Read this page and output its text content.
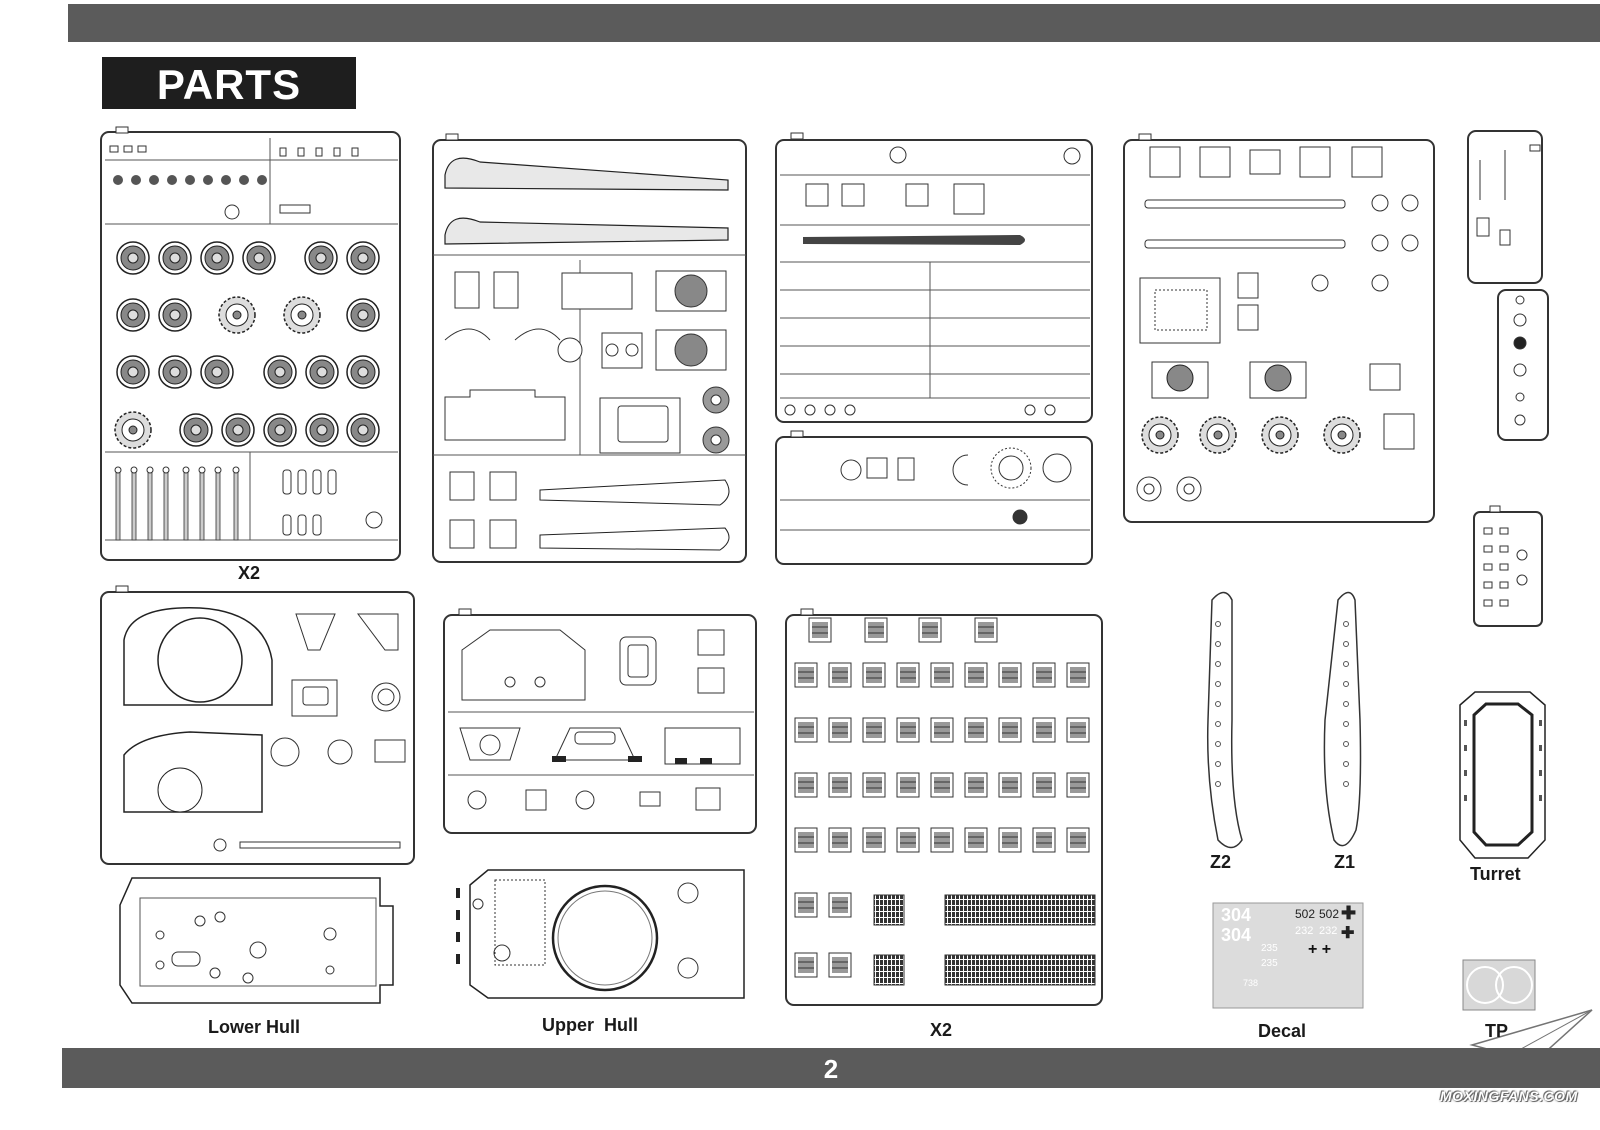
PARTS
304
304
502 502
232 232
235
235
738
✚
✚
+ +
X2
Lower Hull	Upper  Hull	X2
Z2	Z1
Turret
Decal	TP
2
MOXINGFANS.COM
